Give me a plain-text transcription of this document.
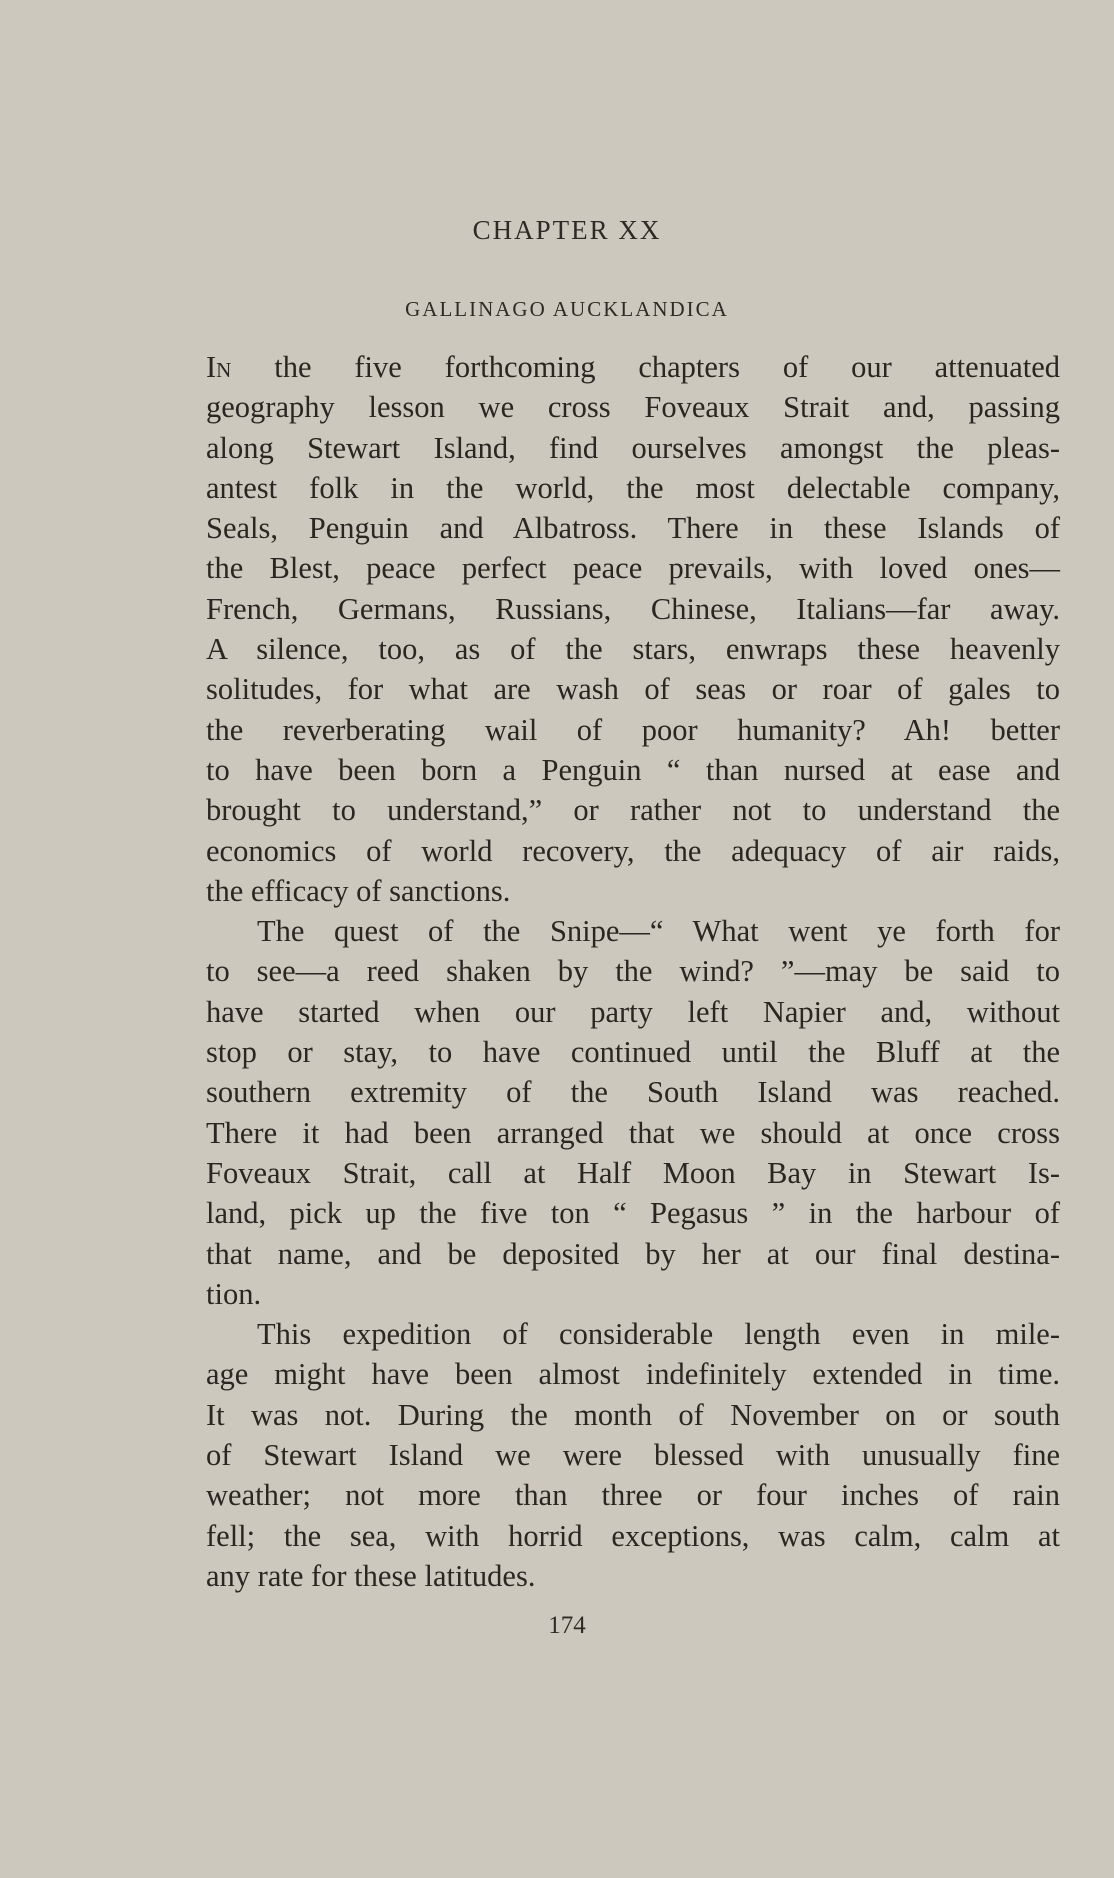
CHAPTER XX
GALLINAGO AUCKLANDICA
In the five forthcoming chapters of our attenuated
geography lesson we cross Foveaux Strait and, passing
along Stewart Island, find ourselves amongst the pleas-
antest folk in the world, the most delectable company,
Seals, Penguin and Albatross. There in these Islands of
the Blest, peace perfect peace prevails, with loved ones—
French, Germans, Russians, Chinese, Italians—far away.
A silence, too, as of the stars, enwraps these heavenly
solitudes, for what are wash of seas or roar of gales to
the reverberating wail of poor humanity? Ah! better
to have been born a Penguin “ than nursed at ease and
brought to understand,” or rather not to understand the
economics of world recovery, the adequacy of air raids,
the efficacy of sanctions.
The quest of the Snipe—“ What went ye forth for
to see—a reed shaken by the wind? ”—may be said to
have started when our party left Napier and, without
stop or stay, to have continued until the Bluff at the
southern extremity of the South Island was reached.
There it had been arranged that we should at once cross
Foveaux Strait, call at Half Moon Bay in Stewart Is-
land, pick up the five ton “ Pegasus ” in the harbour of
that name, and be deposited by her at our final destina-
tion.
This expedition of considerable length even in mile-
age might have been almost indefinitely extended in time.
It was not. During the month of November on or south
of Stewart Island we were blessed with unusually fine
weather; not more than three or four inches of rain
fell; the sea, with horrid exceptions, was calm, calm at
any rate for these latitudes.
174
